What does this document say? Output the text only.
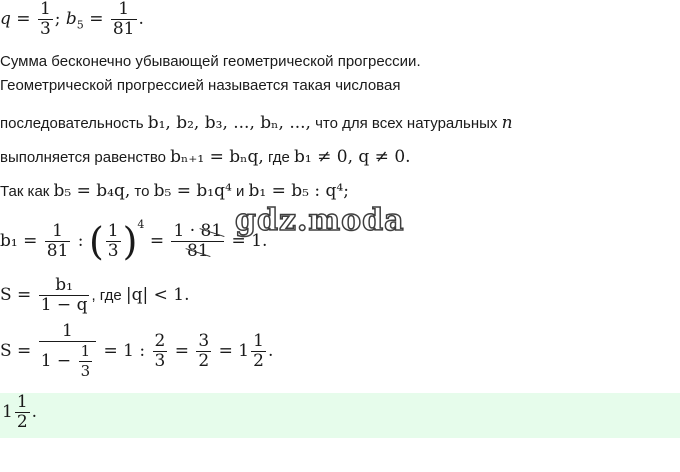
$q = \frac{1}{3}$ ; $b_5 = \frac{1}{81}$ .
Сумма бесконечно убывающей геометрической прогрессии.
Геометрической прогрессией называется такая числовая
последовательность b₁, b₂, b₃, ..., bₙ, ..., что для всех натуральных n
выполняется равенство bₙ₊₁ = bₙq, где b₁ ≠ 0, q ≠ 0.
Так как b₅ = b₄q, то b₅ = b₁q⁴ и b₁ = b₅ : q⁴;
$b_1 = \frac{1}{81}$ : ( $\frac{1}{3} )^4 = \frac{1 \cdot 81}{81} = 1$.
$S = \frac{\text{b₁}}{1 - q}$ , где |q| < 1.
$S = \frac{1}{1 - \frac{1}{3}} = 1$ : $\frac{2}{3} = \frac{3}{2} = 1 \frac{1}{2}$ .
$1 \frac{1}{2}$ .
gdz.moda
